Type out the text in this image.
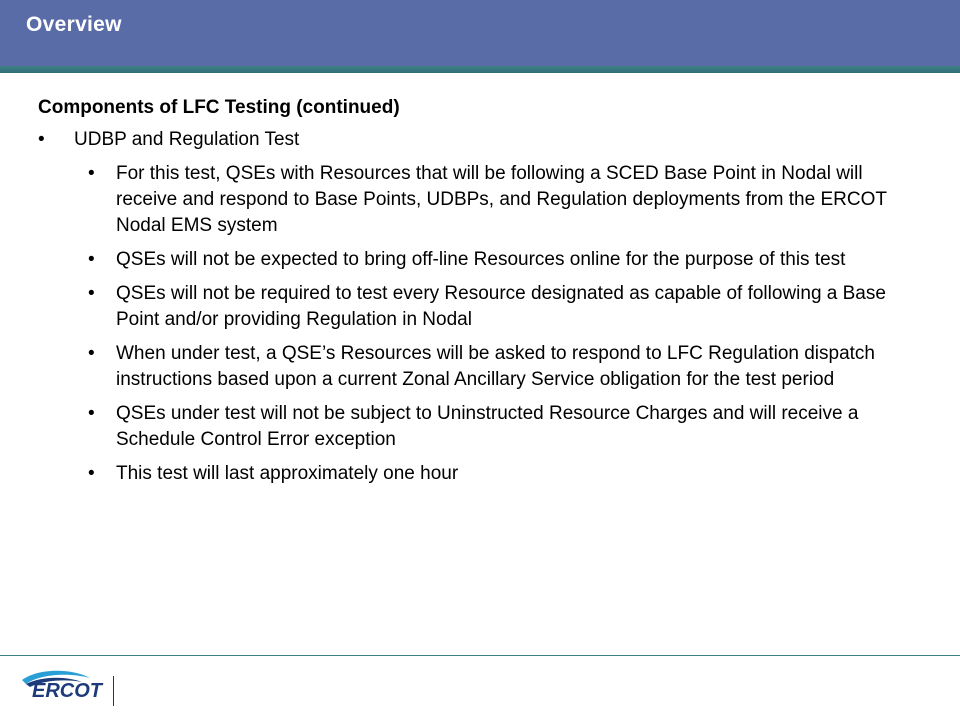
Overview
Components of LFC Testing (continued)
• UDBP and Regulation Test
• For this test, QSEs with Resources that will be following a SCED Base Point in Nodal will receive and respond to Base Points, UDBPs, and Regulation deployments from the ERCOT Nodal EMS system
• QSEs will not be expected to bring off-line Resources online for the purpose of this test
• QSEs will not be required to test every Resource designated as capable of following a Base Point and/or providing Regulation in Nodal
• When under test, a QSE’s Resources will be asked to respond to LFC Regulation dispatch instructions based upon a current Zonal Ancillary Service obligation for the test period
• QSEs under test will not be subject to Uninstructed Resource Charges and will receive a Schedule Control Error exception
• This test will last approximately one hour
ERCOT
